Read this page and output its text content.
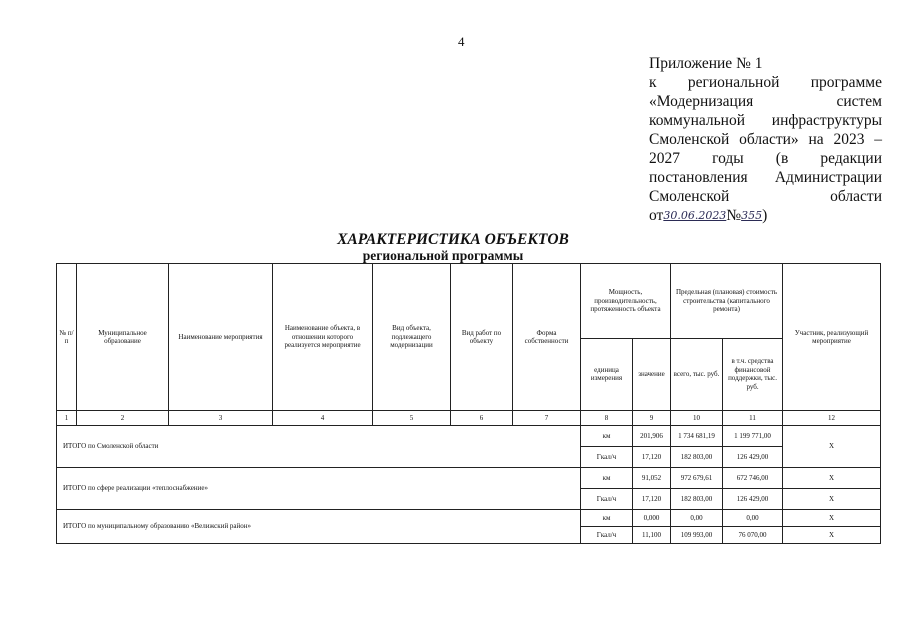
4
Приложение № 1
к региональной программе
«Модернизация	систем
коммунальной инфраструктуры
Смоленской области» на 2023 –
2027 годы (в редакции
постановления Администрации
Смоленской	области
от 30.06.2023 № 355 )
ХАРАКТЕРИСТИКА ОБЪЕКТОВ
региональной программы
№ п/п	Муниципальное образование	Наименование мероприятия	Наименование объекта, в отношении которого реализуется мероприятие	Вид объекта, подлежащего модернизации	Вид работ по объекту	Форма собственности	Мощность, производительность, протяженность объекта		Предельная (плановая) стоимость строительства (капитального ремонта)		Участник, реализующий мероприятие
							единица измерения	значение	всего, тыс. руб.	в т.ч. средства финансовой поддержки, тыс. руб.	
1	2	3	4	5	6	7	8	9	10	11	12
ИТОГО по Смоленской области							км	201,906	1 734 681,19	1 199 771,00	Х
							Гкал/ч	17,120	182 803,00	126 429,00	
ИТОГО по сфере реализации «теплоснабжение»							км	91,052	972 679,61	672 746,00	Х
							Гкал/ч	17,120	182 803,00	126 429,00	Х
ИТОГО по муниципальному образованию «Велижский район»							км	0,000	0,00	0,00	Х
							Гкал/ч	11,100	109 993,00	76 070,00	Х
